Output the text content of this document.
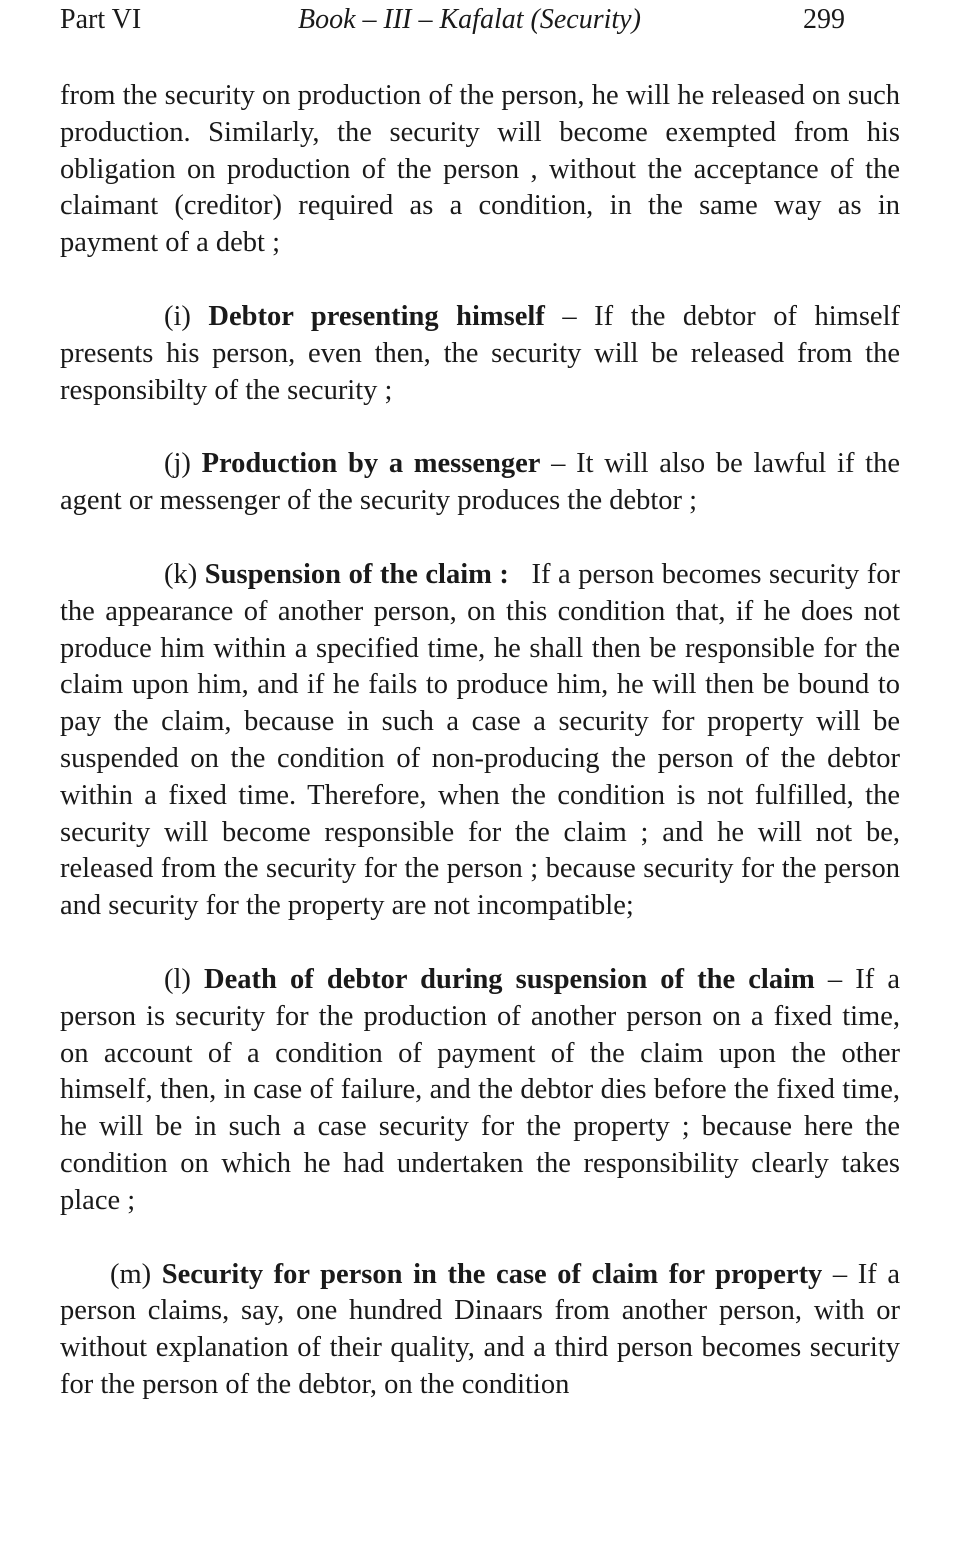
Part VI	Book – III – Kafalat (Security)	299

from the security on production of the person, he will he released on such production. Similarly, the security will become exempted from his obligation on production of the person , without the acceptance of the claimant (creditor) required as a condition, in the same way as in payment of a debt ;

(i) Debtor presenting himself – If the debtor of himself presents his person, even then, the security will be released from the responsibilty of the security ;

(j) Production by a messenger – It will also be lawful if the agent or messenger of the security produces the debtor ;

(k) Suspension of the claim : If a person becomes security for the appearance of another person, on this condition that, if he does not produce him within a specified time, he shall then be responsible for the claim upon him, and if he fails to produce him, he will then be bound to pay the claim, because in such a case a security for property will be suspended on the condition of non-producing the person of the debtor within a fixed time. Therefore, when the condition is not fulfilled, the security will become responsible for the claim ; and he will not be, released from the security for the person ; because security for the person and security for the property are not incompatible;

(l) Death of debtor during suspension of the claim – If a person is security for the production of another person on a fixed time, on account of a condition of payment of the claim upon the other himself, then, in case of failure, and the debtor dies before the fixed time, he will be in such a case security for the property ; because here the condition on which he had undertaken the responsibility clearly takes place ;

(m) Security for person in the case of claim for property – If a person claims, say, one hundred Dinaars from another person, with or without explanation of their quality, and a third person becomes security for the person of the debtor, on the condition
